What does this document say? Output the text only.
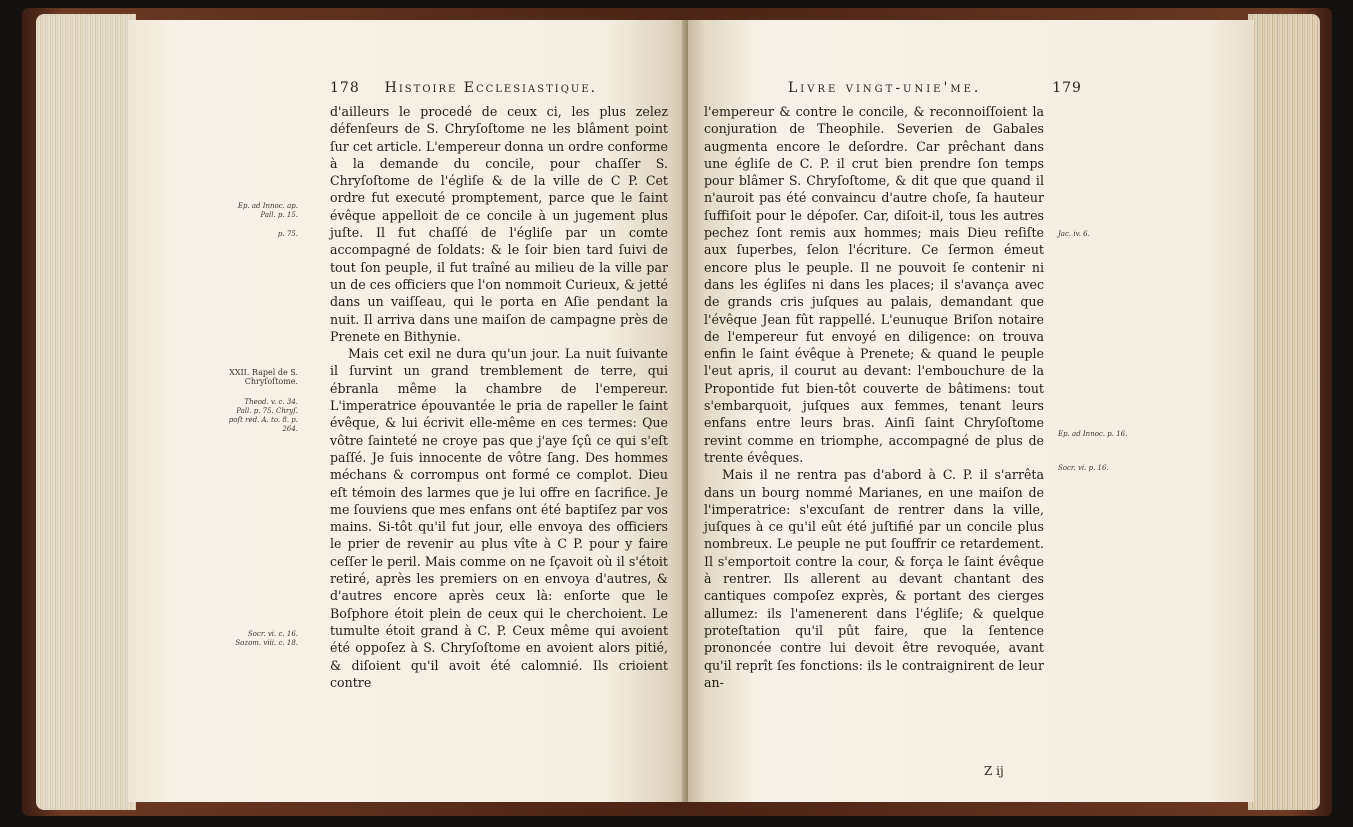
178 Histoire Ecclesiastique.
Ep. ad Innoc. ap. Pall. p. 15.
p. 75.
XXII. Rapel de S. Chryſoſtome.
Theod. v. c. 34. Pall. p. 75. Chryſ. poſt red. A. to. 8. p. 264.
Socr. vi. c. 16. Sozom. viii. c. 18.
d'ailleurs le procedé de ceux ci, les plus zelez défenſeurs de S. Chryſoſtome ne les blâment point ſur cet article. L'empereur donna un ordre conforme à la demande du concile, pour chaſſer S. Chryſoſtome de l'égliſe & de la ville de C P. Cet ordre fut executé promptement, parce que le ſaint évêque appelloit de ce concile à un jugement plus juſte. Il fut chaſſé de l'égliſe par un comte accompagné de ſoldats: & le ſoir bien tard ſuivi de tout ſon peuple, il fut traîné au milieu de la ville par un de ces officiers que l'on nommoit Curieux, & jetté dans un vaiſſeau, qui le porta en Aſie pendant la nuit. Il arriva dans une maiſon de campagne près de Prenete en Bithynie.
Mais cet exil ne dura qu'un jour. La nuit ſuivante il ſurvint un grand tremblement de terre, qui ébranla même la chambre de l'empereur. L'imperatrice épouvantée le pria de rapeller le ſaint évêque, & lui écrivit elle-même en ces termes: Que vôtre ſainteté ne croye pas que j'aye ſçû ce qui s'eſt paſſé. Je ſuis innocente de vôtre ſang. Des hommes méchans & corrompus ont formé ce complot. Dieu eſt témoin des larmes que je lui offre en ſacrifice. Je me ſouviens que mes enfans ont été baptiſez par vos mains. Si-tôt qu'il fut jour, elle envoya des officiers le prier de revenir au plus vîte à C P. pour y faire ceſſer le peril. Mais comme on ne ſçavoit où il s'étoit retiré, après les premiers on en envoya d'autres, & d'autres encore après ceux là: enſorte que le Boſphore étoit plein de ceux qui le cherchoient. Le tumulte étoit grand à C. P. Ceux même qui avoient été oppoſez à S. Chryſoſtome en avoient alors pitié, & diſoient qu'il avoit été calomnié. Ils crioient contre
Livre vingt-unie'me.	179
l'empereur & contre le concile, & reconnoiſſoient la conjuration de Theophile. Severien de Gabales augmenta encore le deſordre. Car prêchant dans une égliſe de C. P. il crut bien prendre ſon temps pour blâmer S. Chryſoſtome, & dit que que quand il n'auroit pas été convaincu d'autre choſe, ſa hauteur ſuffiſoit pour le dépoſer. Car, diſoit-il, tous les autres pechez ſont remis aux hommes; mais Dieu reſiſte aux ſuperbes, ſelon l'écriture. Ce ſermon émeut encore plus le peuple. Il ne pouvoit ſe contenir ni dans les égliſes ni dans les places; il s'avança avec de grands cris juſques au palais, demandant que l'évêque Jean fût rappellé. L'eunuque Briſon notaire de l'empereur fut envoyé en diligence: on trouva enfin le ſaint évêque à Prenete; & quand le peuple l'eut apris, il courut au devant: l'embouchure de la Propontide fut bien-tôt couverte de bâtimens: tout s'embarquoit, juſques aux femmes, tenant leurs enfans entre leurs bras. Ainſi ſaint Chryſoſtome revint comme en triomphe, accompagné de plus de trente évêques.
Mais il ne rentra pas d'abord à C. P. il s'arrêta dans un bourg nommé Marianes, en une maiſon de l'imperatrice: s'excuſant de rentrer dans la ville, juſques à ce qu'il eût été juſtifié par un concile plus nombreux. Le peuple ne put ſouffrir ce retardement. Il s'emportoit contre la cour, & força le ſaint évêque à rentrer. Ils allerent au devant chantant des cantiques compoſez exprès, & portant des cierges allumez: ils l'amenerent dans l'égliſe; & quelque proteſtation qu'il pût faire, que la ſentence prononcée contre lui devoit être revoquée, avant qu'il reprît ſes fonctions: ils le contraignirent de leur an-
Jac. iv. 6.
Ep. ad Innoc. p. 16.
Socr. vi. p. 16.
Z ij
